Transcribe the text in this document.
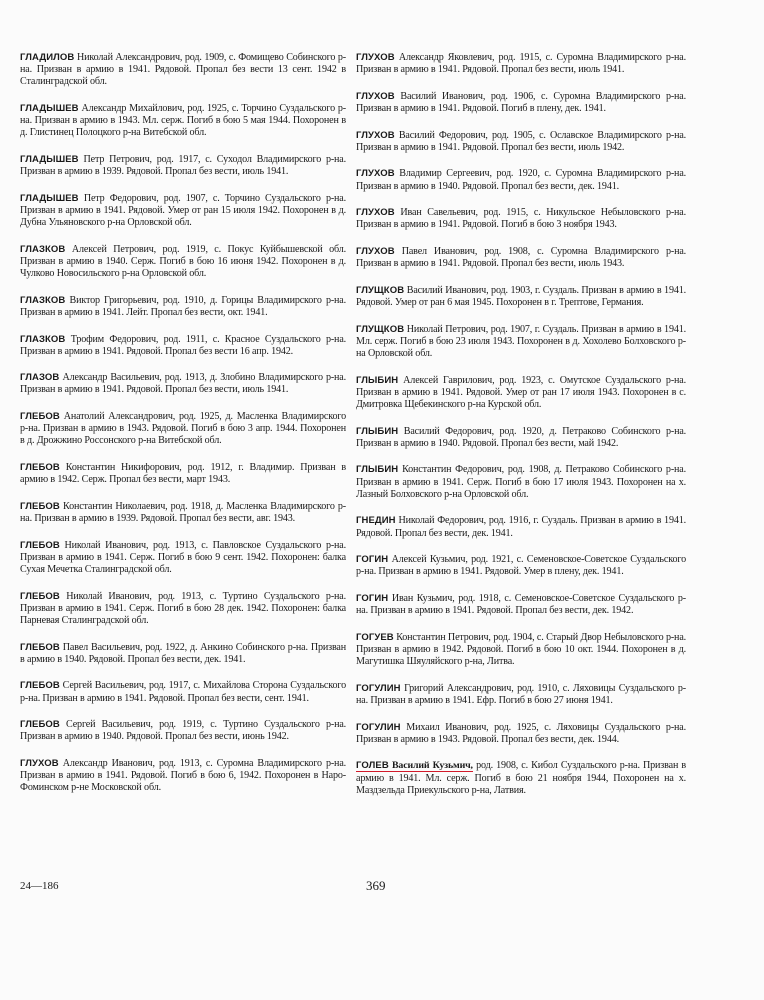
ГЛАДИЛОВ Николай Александрович, род. 1909, с. Фомищево Собинского р-на. Призван в армию в 1941. Рядовой. Пропал без вести 13 сент. 1942 в Сталинградской обл.

ГЛАДЫШЕВ Александр Михайлович, род. 1925, с. Торчино Суздальского р-на. Призван в армию в 1943. Мл. серж. Погиб в бою 5 мая 1944. Похоронен в д. Глистинец Полоцкого р-на Витебской обл.

ГЛАДЫШЕВ Петр Петрович, род. 1917, с. Суходол Владимирского р-на. Призван в армию в 1939. Рядовой. Пропал без вести, июль 1941.

ГЛАДЫШЕВ Петр Федорович, род. 1907, с. Торчино Суздальского р-на. Призван в армию в 1941. Рядовой. Умер от ран 15 июля 1942. Похоронен в д. Дубна Ульяновского р-на Орловской обл.

ГЛАЗКОВ Алексей Петрович, род. 1919, с. Покус Куйбышевской обл. Призван в армию в 1940. Серж. Погиб в бою 16 июня 1942. Похоронен в д. Чулково Новосильского р-на Орловской обл.

ГЛАЗКОВ Виктор Григорьевич, род. 1910, д. Горицы Владимирского р-на. Призван в армию в 1941. Лейт. Пропал без вести, окт. 1941.

ГЛАЗКОВ Трофим Федорович, род. 1911, с. Красное Суздальского р-на. Призван в армию в 1941. Рядовой. Пропал без вести 16 апр. 1942.

ГЛАЗОВ Александр Васильевич, род. 1913, д. Злобино Владимирского р-на. Призван в армию в 1941. Рядовой. Пропал без вести, июль 1941.

ГЛЕБОВ Анатолий Александрович, род. 1925, д. Масленка Владимирского р-на. Призван в армию в 1943. Рядовой. Погиб в бою 3 апр. 1944. Похоронен в д. Дрожжино Россонского р-на Витебской обл.

ГЛЕБОВ Константин Никифорович, род. 1912, г. Владимир. Призван в армию в 1942. Серж. Пропал без вести, март 1943.

ГЛЕБОВ Константин Николаевич, род. 1918, д. Масленка Владимирского р-на. Призван в армию в 1939. Рядовой. Пропал без вести, авг. 1943.

ГЛЕБОВ Николай Иванович, род. 1913, с. Павловское Суздальского р-на. Призван в армию в 1941. Серж. Погиб в бою 9 сент. 1942. Похоронен: балка Сухая Мечетка Сталинградской обл.

ГЛЕБОВ Николай Иванович, род. 1913, с. Туртино Суздальского р-на. Призван в армию в 1941. Серж. Погиб в бою 28 дек. 1942. Похоронен: балка Парневая Сталинградской обл.

ГЛЕБОВ Павел Васильевич, род. 1922, д. Анкино Собинского р-на. Призван в армию в 1940. Рядовой. Пропал без вести, дек. 1941.

ГЛЕБОВ Сергей Васильевич, род. 1917, с. Михайлова Сторона Суздальского р-на. Призван в армию в 1941. Рядовой. Пропал без вести, сент. 1941.

ГЛЕБОВ Сергей Васильевич, род. 1919, с. Туртино Суздальского р-на. Призван в армию в 1940. Рядовой. Пропал без вести, июнь 1942.

ГЛУХОВ Александр Иванович, род. 1913, с. Суромна Владимирского р-на. Призван в армию в 1941. Рядовой. Погиб в бою 6, 1942. Похоронен в Наро-Фоминском р-не Московской обл.

ГЛУХОВ Александр Яковлевич, род. 1915, с. Суромна Владимирского р-на. Призван в армию в 1941. Рядовой. Пропал без вести, июль 1941.

ГЛУХОВ Василий Иванович, род. 1906, с. Суромна Владимирского р-на. Призван в армию в 1941. Рядовой. Погиб в плену, дек. 1941.

ГЛУХОВ Василий Федорович, род. 1905, с. Ославское Владимирского р-на. Призван в армию в 1941. Рядовой. Пропал без вести, июль 1942.

ГЛУХОВ Владимир Сергеевич, род. 1920, с. Суромна Владимирского р-на. Призван в армию в 1940. Рядовой. Пропал без вести, дек. 1941.

ГЛУХОВ Иван Савельевич, род. 1915, с. Никульское Небыловского р-на. Призван в армию в 1941. Рядовой. Погиб в бою 3 ноября 1943.

ГЛУХОВ Павел Иванович, род. 1908, с. Суромна Владимирского р-на. Призван в армию в 1941. Рядовой. Пропал без вести, июль 1943.

ГЛУЩКОВ Василий Иванович, род. 1903, г. Суздаль. Призван в армию в 1941. Рядовой. Умер от ран 6 мая 1945. Похоронен в г. Трептове, Германия.

ГЛУЩКОВ Николай Петрович, род. 1907, г. Суздаль. Призван в армию в 1941. Мл. серж. Погиб в бою 23 июля 1943. Похоронен в д. Хохолево Болховского р-на Орловской обл.

ГЛЫБИН Алексей Гаврилович, род. 1923, с. Омутское Суздальского р-на. Призван в армию в 1941. Рядовой. Умер от ран 17 июля 1943. Похоронен в с. Дмитровка Щебекинского р-на Курской обл.

ГЛЫБИН Василий Федорович, род. 1920, д. Петраково Собинского р-на. Призван в армию в 1940. Рядовой. Пропал без вести, май 1942.

ГЛЫБИН Константин Федорович, род. 1908, д. Петраково Собинского р-на. Призван в армию в 1941. Серж. Погиб в бою 17 июля 1943. Похоронен на х. Лазный Болховского р-на Орловской обл.

ГНЕДИН Николай Федорович, род. 1916, г. Суздаль. Призван в армию в 1941. Рядовой. Пропал без вести, дек. 1941.

ГОГИН Алексей Кузьмич, род. 1921, с. Семеновское-Советское Суздальского р-на. Призван в армию в 1941. Рядовой. Умер в плену, дек. 1941.

ГОГИН Иван Кузьмич, род. 1918, с. Семеновское-Советское Суздальского р-на. Призван в армию в 1941. Рядовой. Пропал без вести, дек. 1942.

ГОГУЕВ Константин Петрович, род. 1904, с. Старый Двор Небыловского р-на. Призван в армию в 1942. Рядовой. Погиб в бою 10 окт. 1944. Похоронен в д. Магутишка Шяуляйского р-на, Литва.

ГОГУЛИН Григорий Александрович, род. 1910, с. Ляховицы Суздальского р-на. Призван в армию в 1941. Ефр. Погиб в бою 27 июня 1941.

ГОГУЛИН Михаил Иванович, род. 1925, с. Ляховицы Суздальского р-на. Призван в армию в 1943. Рядовой. Пропал без вести, дек. 1944.

ГОЛЕВ Василий Кузьмич, род. 1908, с. Кибол Суздальского р-на. Призван в армию в 1941. Мл. серж. Погиб в бою 21 ноября 1944, Похоронен на х. Маздзельда Приекульского р-на, Латвия.

24—186	369
